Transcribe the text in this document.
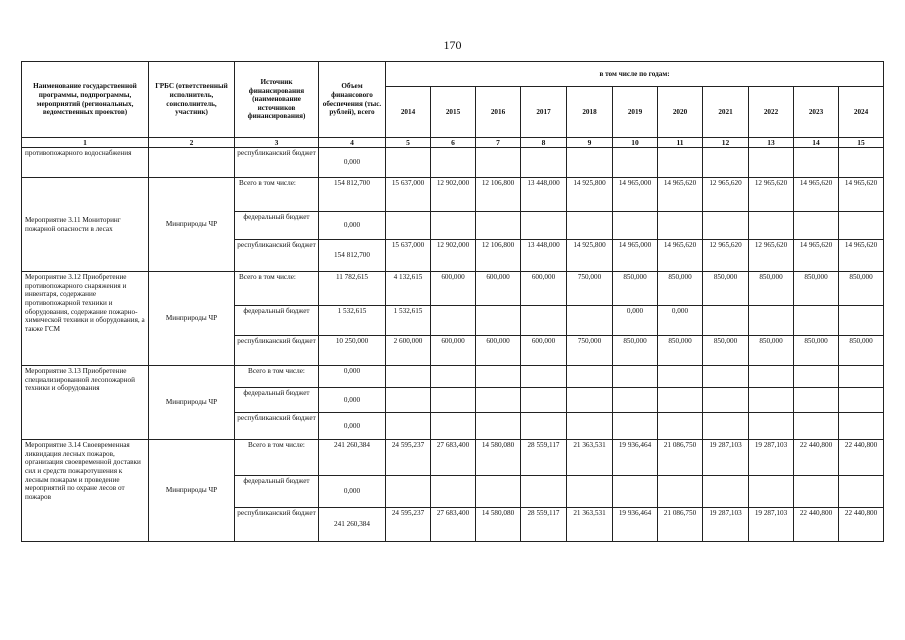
170
Наименование государственной программы, подпрограммы, мероприятий (региональных, ведомственных проектов)	ГРБС (ответственный исполнитель, соисполнитель, участник)	Источник финансирования (наименование источников финансирования)	Объем финансового обеспечения (тыс. рублей), всего	в том числе по годам:										
				2014	2015	2016	2017	2018	2019	2020	2021	2022	2023	2024
1	2	3	4	5	6	7	8	9	10	11	12	13	14	15
противопожарного водоснабжения		республиканский бюджет	0,000											
Мероприятие 3.11 Мониторинг пожарной опасности в лесах	Минприроды ЧР	Всего в том числе:	154 812,700	15 637,000	12 902,000	12 106,800	13 448,000	14 925,800	14 965,000	14 965,620	12 965,620	12 965,620	14 965,620	14 965,620
		федеральный бюджет	0,000											
		республиканский бюджет	154 812,700	15 637,000	12 902,000	12 106,800	13 448,000	14 925,800	14 965,000	14 965,620	12 965,620	12 965,620	14 965,620	14 965,620
Мероприятие 3.12 Приобретение противопожарного снаряжения и инвентаря, содержание противопожарной техники и оборудования, содержание пожарно-химической техники и оборудования, а также ГСМ	Минприроды ЧР	Всего в том числе:	11 782,615	4 132,615	600,000	600,000	600,000	750,000	850,000	850,000	850,000	850,000	850,000	850,000
		федеральный бюджет	1 532,615	1 532,615					0,000	0,000				
		республиканский бюджет	10 250,000	2 600,000	600,000	600,000	600,000	750,000	850,000	850,000	850,000	850,000	850,000	850,000
Мероприятие 3.13 Приобретение специализированной лесопожарной техники и оборудования	Минприроды ЧР	Всего в том числе:	0,000											
		федеральный бюджет	0,000											
		республиканский бюджет	0,000											
Мероприятие 3.14 Своевременная ликвидация лесных пожаров, организация своевременной доставки сил и средств пожаротушения к лесным пожарам и проведение мероприятий по охране лесов от пожаров	Минприроды ЧР	Всего в том числе:	241 260,384	24 595,237	27 683,400	14 580,080	28 559,117	21 363,531	19 936,464	21 086,750	19 287,103	19 287,103	22 440,800	22 440,800
		федеральный бюджет	0,000											
		республиканский бюджет	241 260,384	24 595,237	27 683,400	14 580,080	28 559,117	21 363,531	19 936,464	21 086,750	19 287,103	19 287,103	22 440,800	22 440,800
